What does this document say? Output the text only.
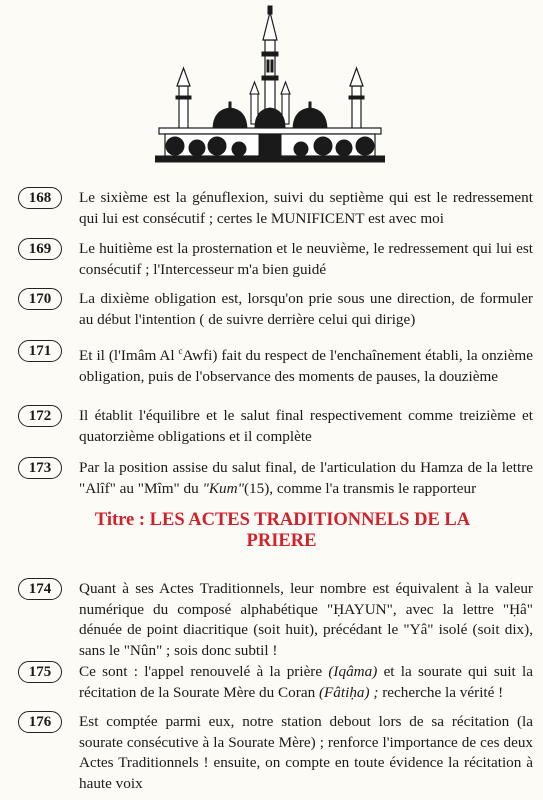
168	Le sixième est la génuflexion, suivi du septième qui est le redressement qui lui est consécutif ; certes le MUNIFICENT est avec moi
169	Le huitième est la prosternation et le neuvième, le redressement qui lui est consécutif ; l'Intercesseur m'a bien guidé
170	La dixième obligation est, lorsqu'on prie sous une direction, de formuler au début l'intention ( de suivre derrière celui qui dirige)
171	Et il (l'Imâm Al $^c$Awfi) fait du respect de l'enchaînement établi, la onzième obligation, puis de l'observance des moments de pauses, la douzième
172	Il établit l'équilibre et le salut final respectivement comme treizième et quatorzième obligations et il complète
173	Par la position assise du salut final, de l'articulation du Hamza de la lettre "Alîf" au "Mîm" du "Kum"(15), comme l'a transmis le rapporteur
Titre : LES ACTES TRADITIONNELS DE LA
PRIERE
174	Quant à ses Actes Traditionnels, leur nombre est équivalent à la valeur numérique du composé alphabétique "ḤAYUN", avec la lettre "Ḥâ" dénuée de point diacritique (soit huit), précédant le "Yâ" isolé (soit dix), sans le "Nûn" ; sois donc subtil !
175	Ce sont : l'appel renouvelé à la prière (Iqâma) et la sourate qui suit la récitation de la Sourate Mère du Coran (Fâtiḥa) ; recherche la vérité !
176	Est comptée parmi eux, notre station debout lors de sa récitation (la sourate consécutive à la Sourate Mère) ; renforce l'importance de ces deux Actes Traditionnels ! ensuite, on compte en toute évidence la récitation à haute voix
